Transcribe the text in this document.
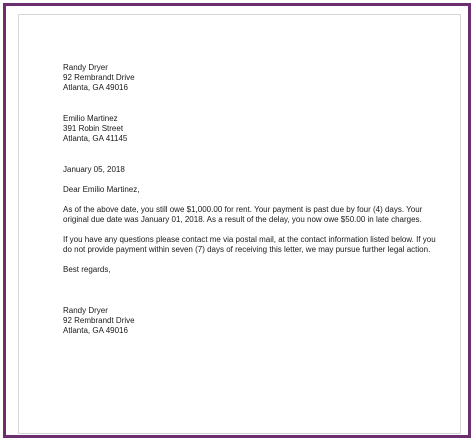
Randy Dryer
92 Rembrandt Drive
Atlanta, GA 49016
Emilio Martinez
391 Robin Street
Atlanta, GA 41145
January 05, 2018
Dear Emilio Martinez,
As of the above date, you still owe $1,000.00 for rent. Your payment is past due by four (4) days. Your
original due date was January 01, 2018. As a result of the delay, you now owe $50.00 in late charges.
If you have any questions please contact me via postal mail, at the contact information listed below. If you
do not provide payment within seven (7) days of receiving this letter, we may pursue further legal action.
Best regards,
Randy Dryer
92 Rembrandt Drive
Atlanta, GA 49016
